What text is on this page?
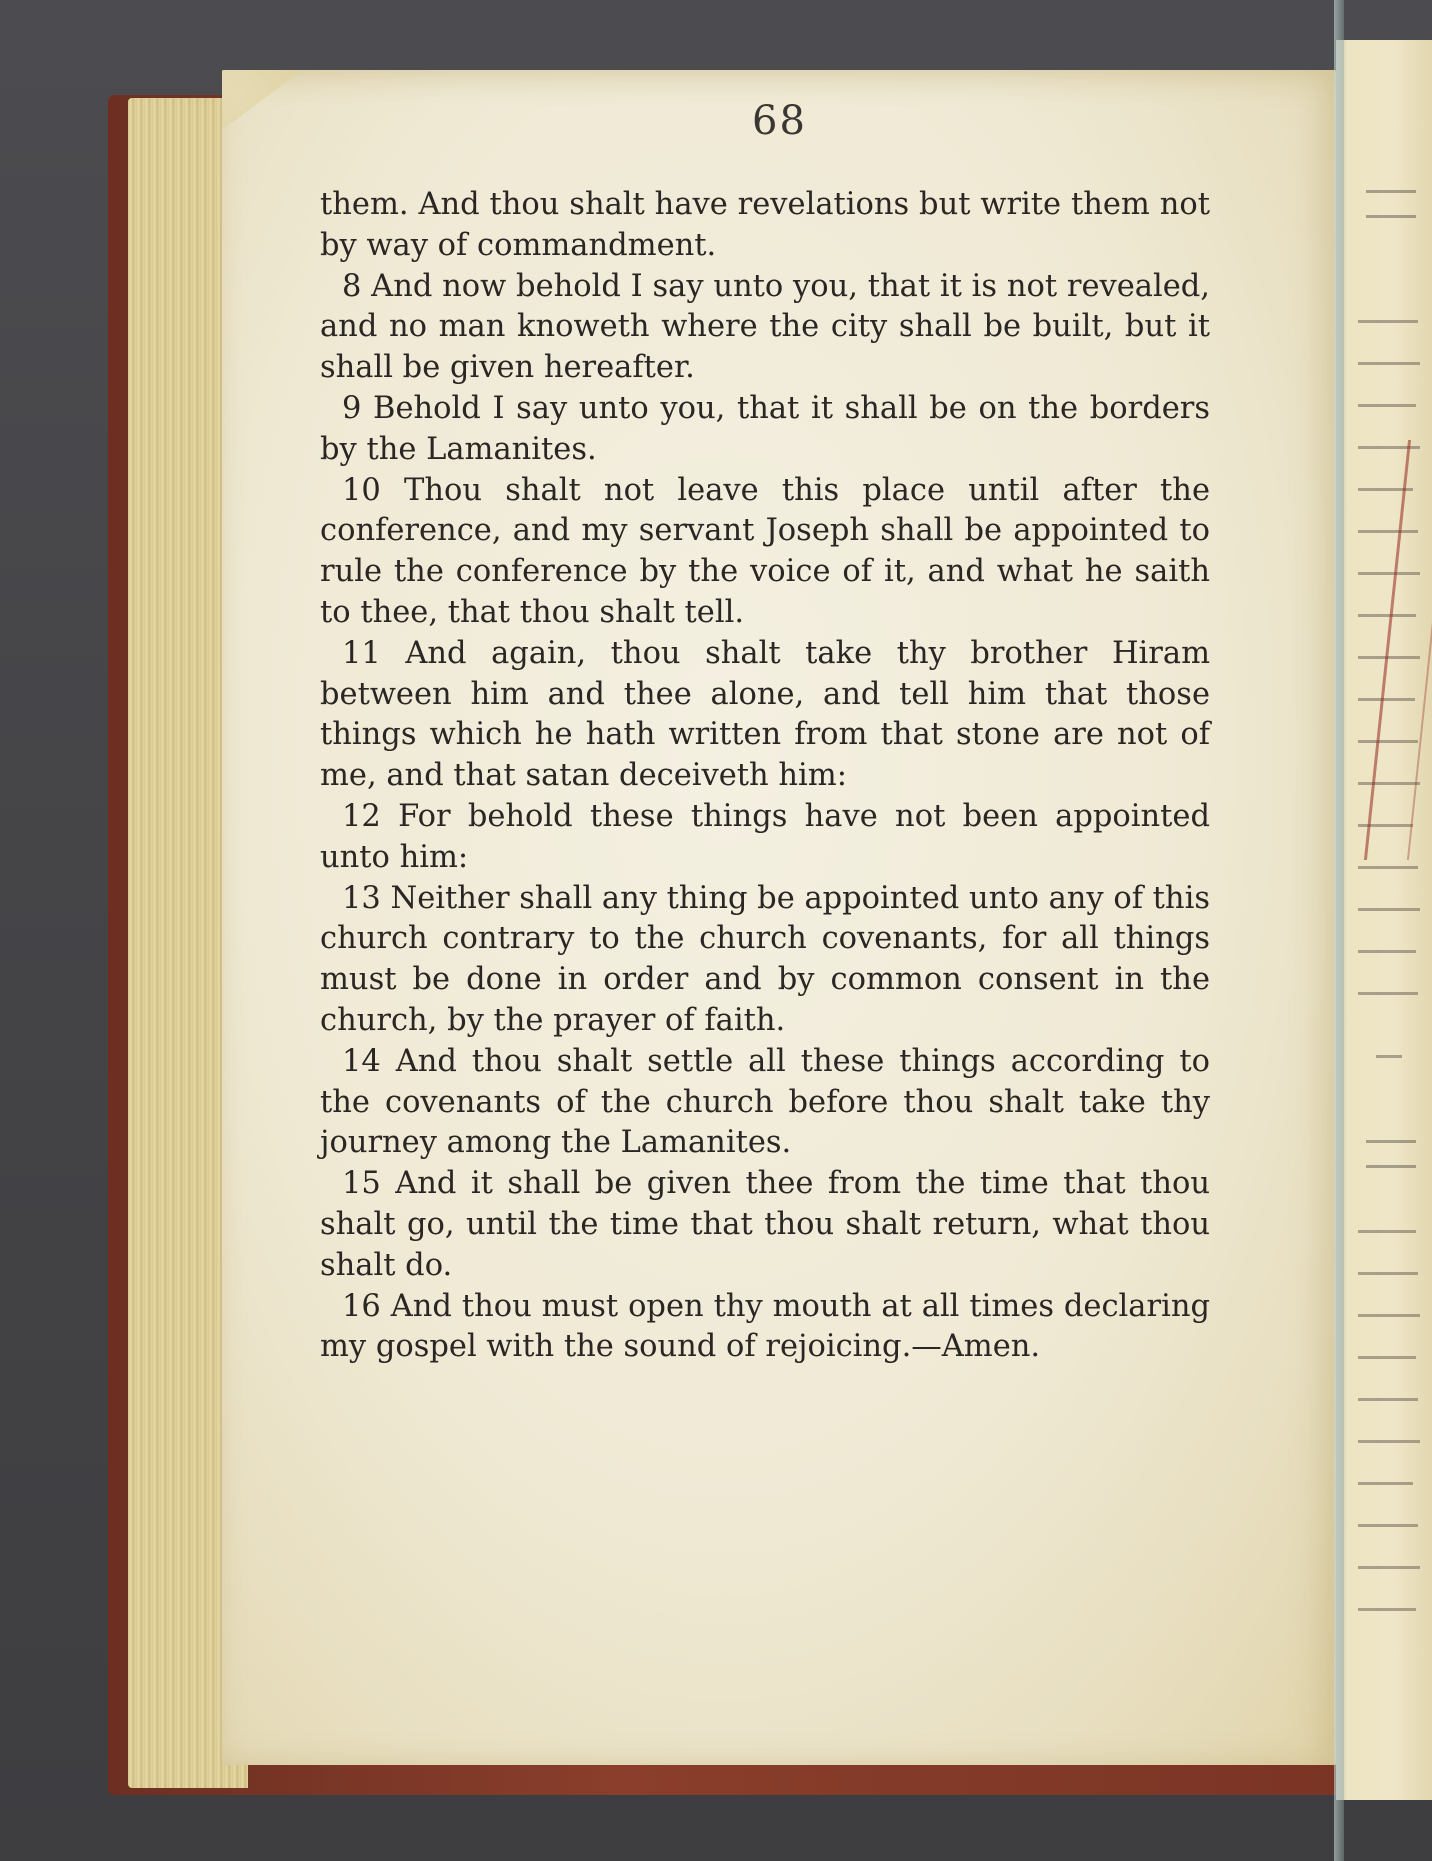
68

them. And thou shalt have revelations but write them not by way of commandment.

8 And now behold I say unto you, that it is not revealed, and no man knoweth where the city shall be built, but it shall be given hereafter.

9 Behold I say unto you, that it shall be on the borders by the Lamanites.

10 Thou shalt not leave this place until after the conference, and my servant Joseph shall be appointed to rule the conference by the voice of it, and what he saith to thee, that thou shalt tell.

11 And again, thou shalt take thy brother Hiram between him and thee alone, and tell him that those things which he hath written from that stone are not of me, and that satan deceiveth him:

12 For behold these things have not been appointed unto him:

13 Neither shall any thing be appointed unto any of this church contrary to the church covenants, for all things must be done in order and by common consent in the church, by the prayer of faith.

14 And thou shalt settle all these things according to the covenants of the church before thou shalt take thy journey among the Lamanites.

15 And it shall be given thee from the time that thou shalt go, until the time that thou shalt return, what thou shalt do.

16 And thou must open thy mouth at all times declaring my gospel with the sound of rejoicing.—Amen.
